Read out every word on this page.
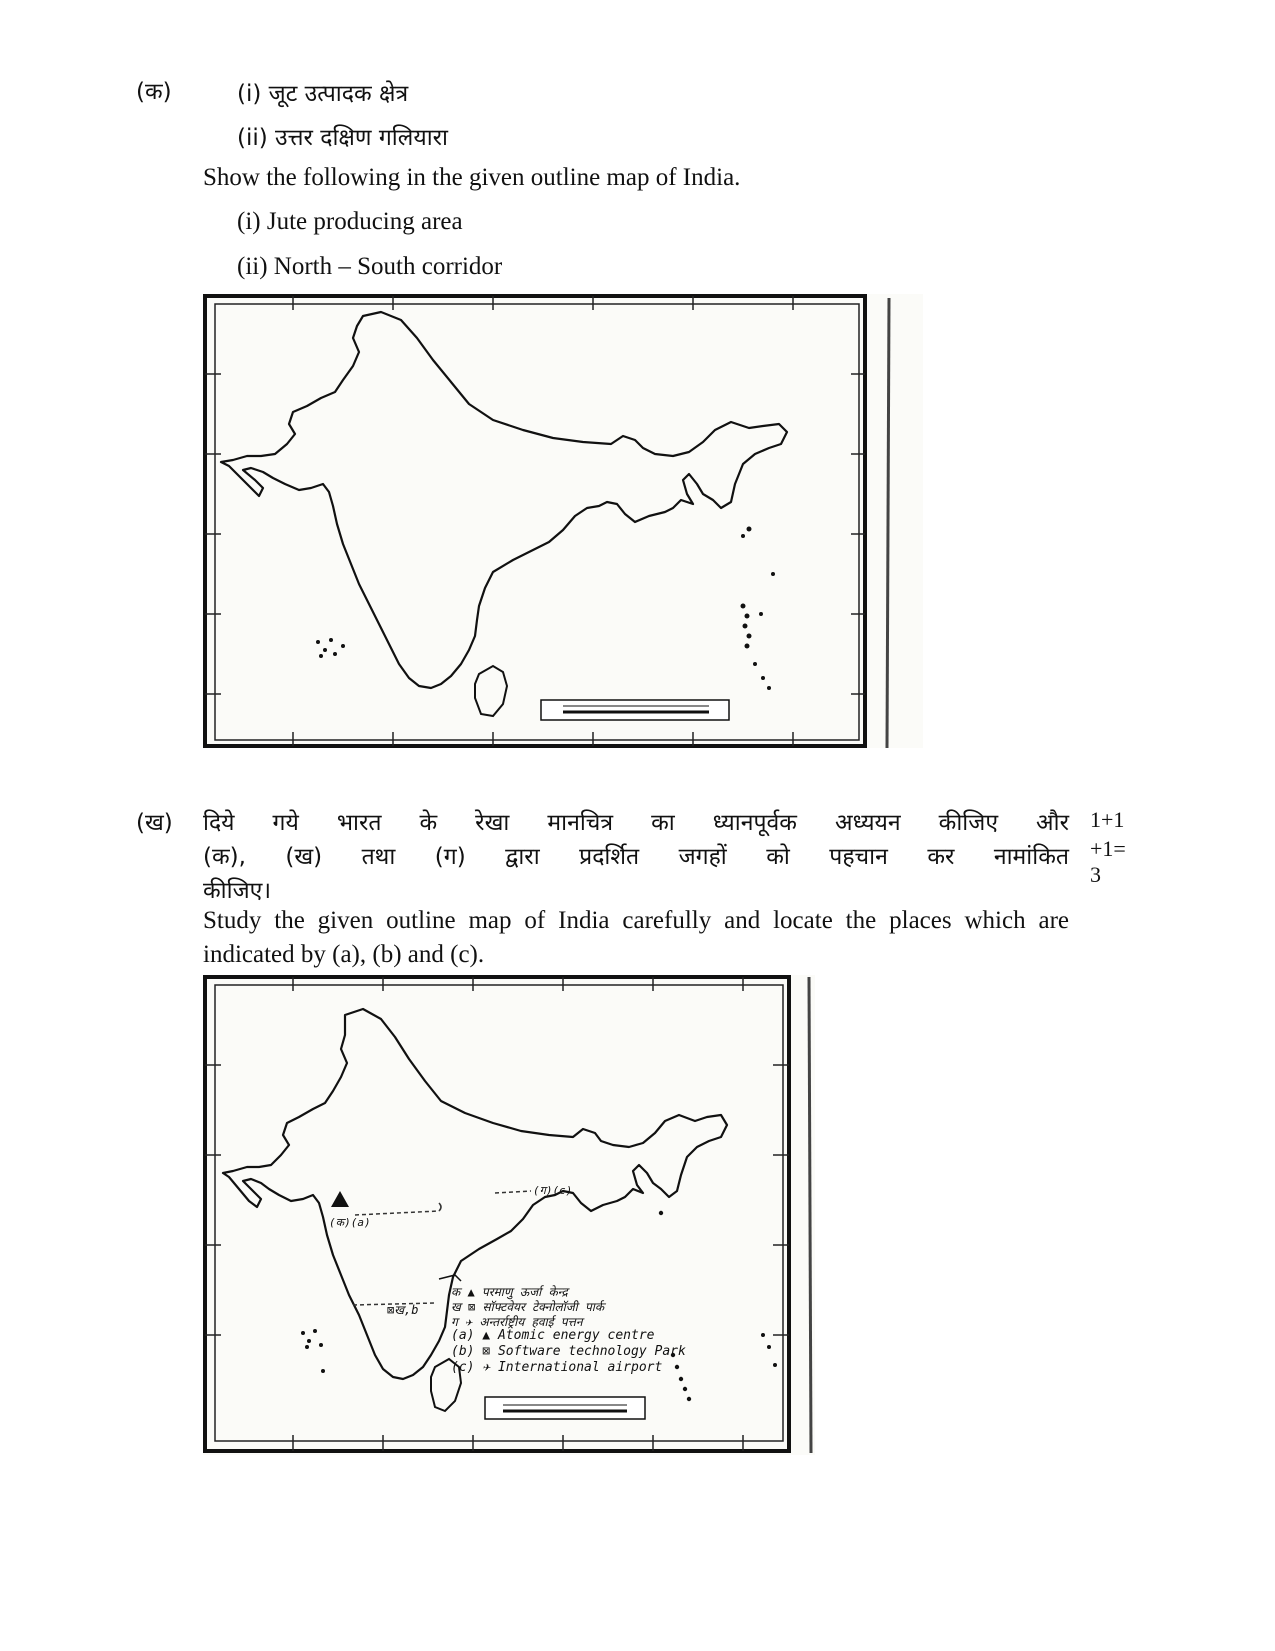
(क)	(i) जूट उत्पादक क्षेत्र
(ii) उत्तर दक्षिण गलियारा
Show the following in the given outline map of India.
(i) Jute producing area
(ii) North – South corridor
(ख) दिये गये भारत के रेखा मानचित्र का ध्यानपूर्वक अध्ययन कीजिए और
(क), (ख) तथा (ग) द्वारा प्रदर्शित जगहों को पहचान कर नामांकित
कीजिए।
Study the given outline map of India carefully and locate the places which are
indicated by (a), (b) and (c).
1+1
+1=
3
(क)(a)
(ग)(c)
⊠ख,b
क ▲ परमाणु ऊर्जा केन्द्र
ख ⊠ सॉफ्टवेयर टेक्नोलॉजी पार्क
ग ✈ अन्तर्राष्ट्रीय हवाई पत्तन
(a) ▲ Atomic energy centre
(b) ⊠ Software technology Park
(c) ✈ International airport
